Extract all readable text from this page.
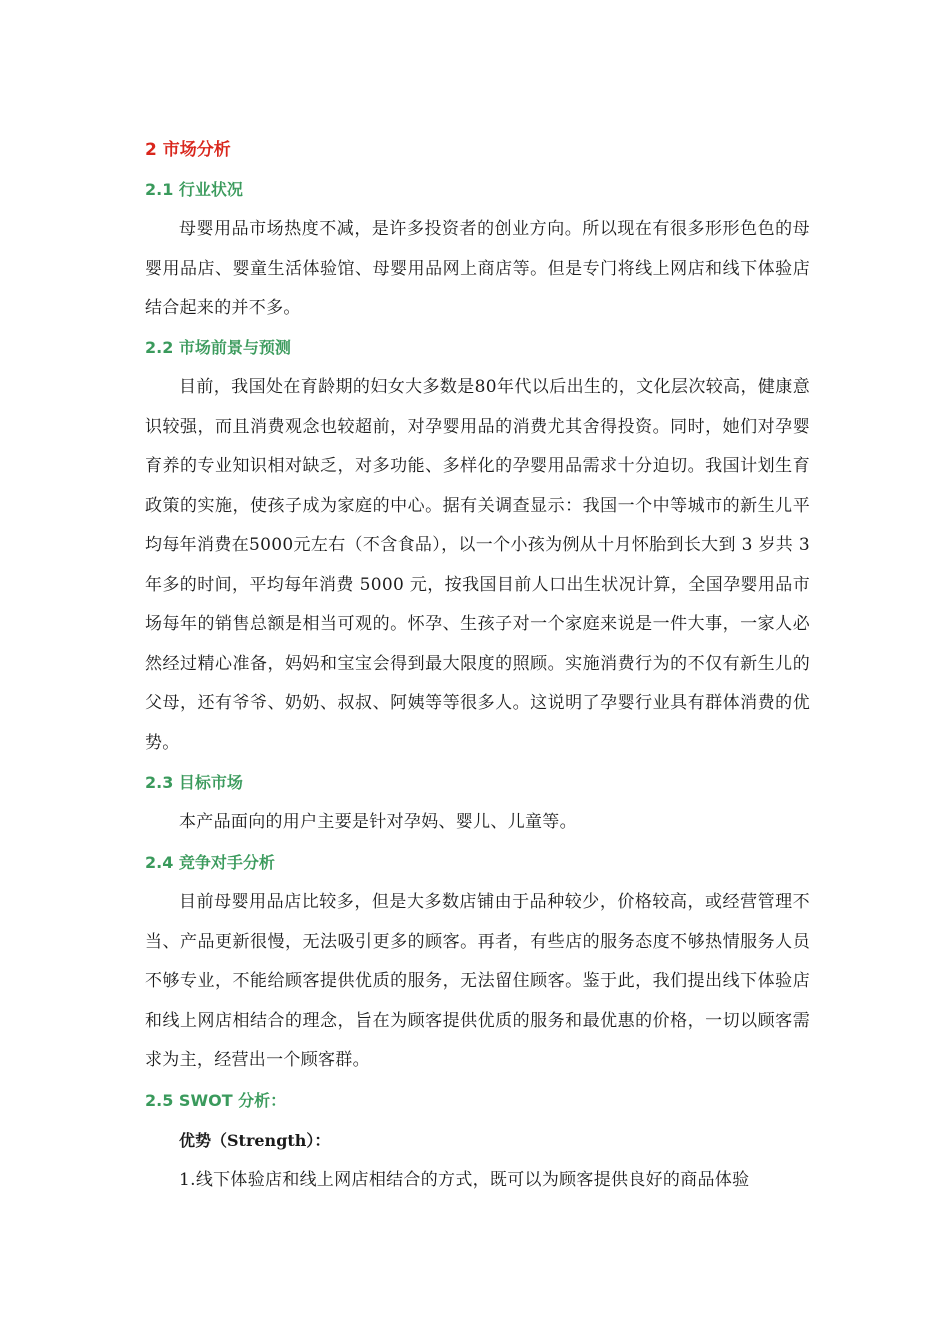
2 市场分析
2.1 行业状况

母婴用品市场热度不减，是许多投资者的创业方向。所以现在有很多形形色色的母婴用品店、婴童生活体验馆、母婴用品网上商店等。但是专门将线上网店和线下体验店结合起来的并不多。

2.2 市场前景与预测

目前，我国处在育龄期的妇女大多数是80年代以后出生的，文化层次较高，健康意识较强，而且消费观念也较超前，对孕婴用品的消费尤其舍得投资。同时，她们对孕婴育养的专业知识相对缺乏，对多功能、多样化的孕婴用品需求十分迫切。我国计划生育政策的实施，使孩子成为家庭的中心。据有关调查显示：我国一个中等城市的新生儿平均每年消费在5000元左右（不含食品），以一个小孩为例从十月怀胎到长大到 3 岁共 3 年多的时间，平均每年消费 5000 元，按我国目前人口出生状况计算，全国孕婴用品市场每年的销售总额是相当可观的。怀孕、生孩子对一个家庭来说是一件大事，一家人必然经过精心准备，妈妈和宝宝会得到最大限度的照顾。实施消费行为的不仅有新生儿的父母，还有爷爷、奶奶、叔叔、阿姨等等很多人。这说明了孕婴行业具有群体消费的优势。

2.3 目标市场

本产品面向的用户主要是针对孕妈、婴儿、儿童等。

2.4 竞争对手分析

目前母婴用品店比较多，但是大多数店铺由于品种较少，价格较高，或经营管理不当、产品更新很慢，无法吸引更多的顾客。再者，有些店的服务态度不够热情服务人员不够专业，不能给顾客提供优质的服务，无法留住顾客。鉴于此，我们提出线下体验店和线上网店相结合的理念，旨在为顾客提供优质的服务和最优惠的价格，一切以顾客需求为主，经营出一个顾客群。

2.5 SWOT 分析：
优势（Strength）：

1.线下体验店和线上网店相结合的方式，既可以为顾客提供良好的商品体验
